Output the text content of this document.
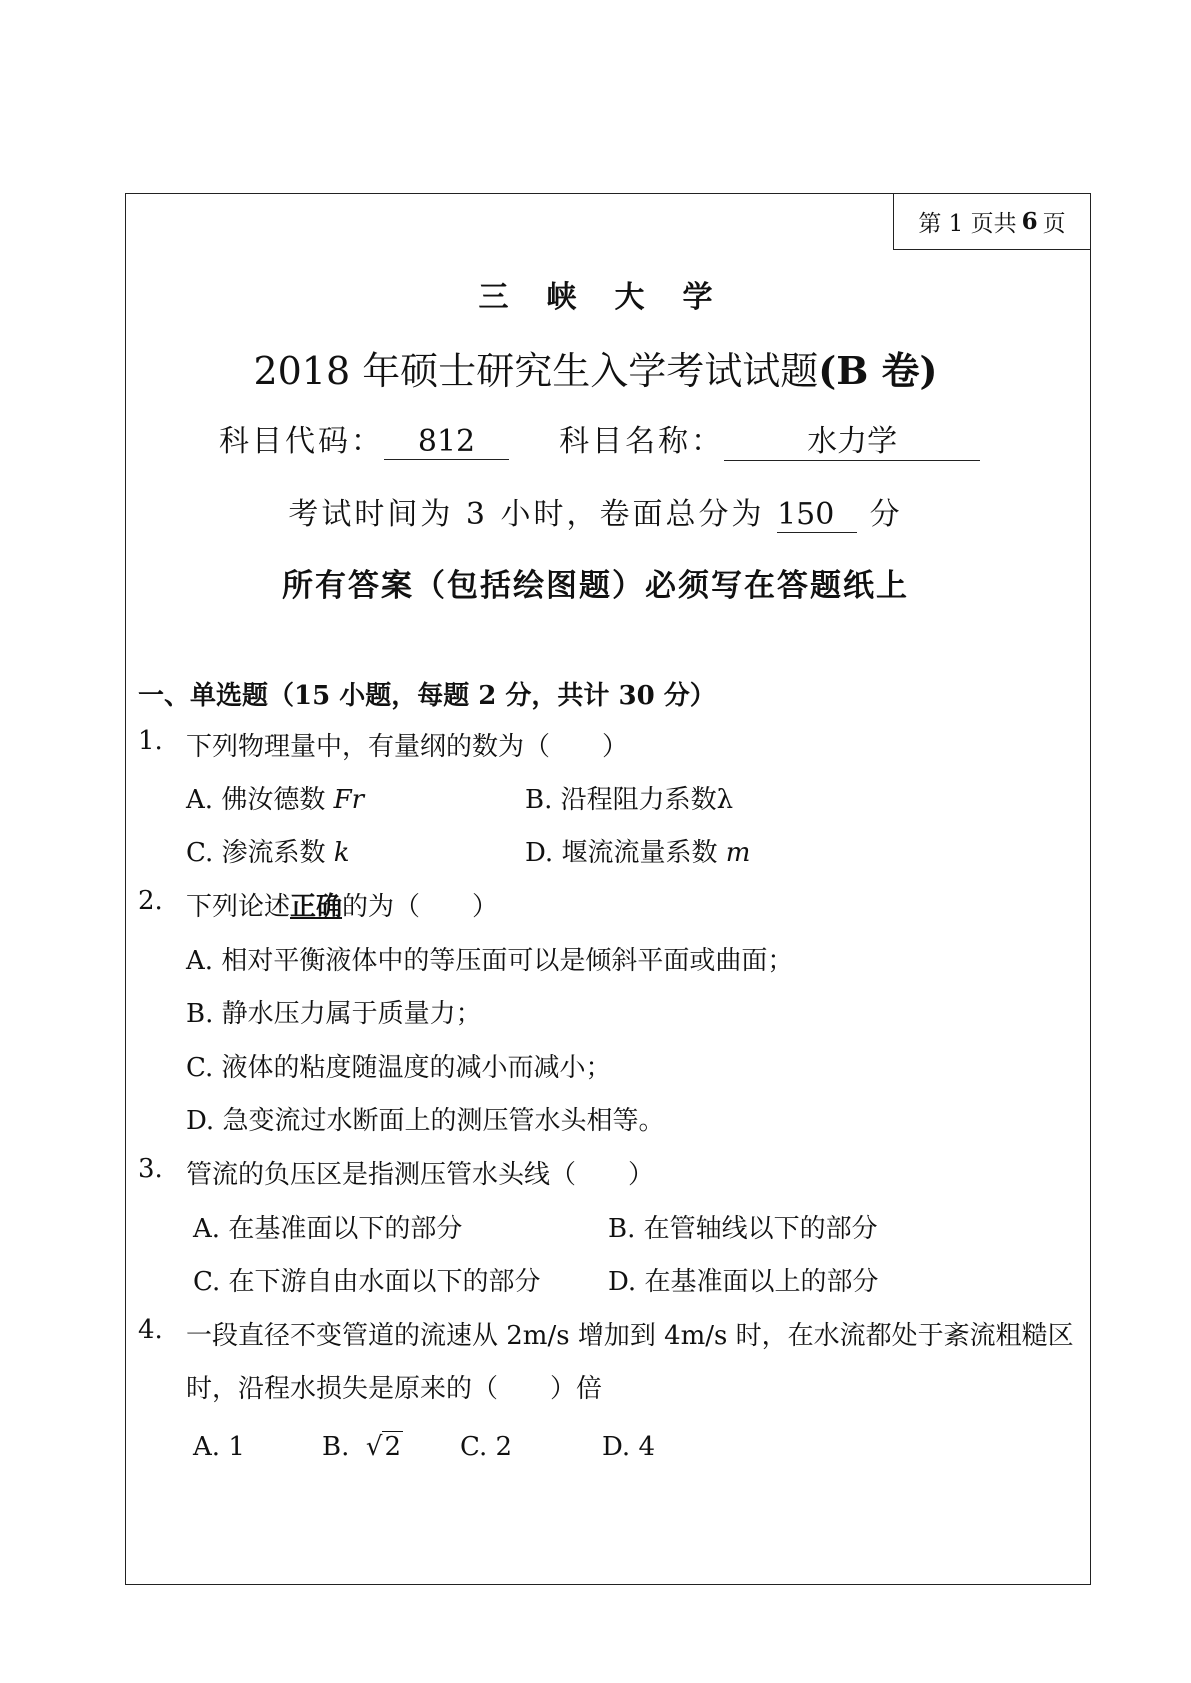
第 1 页共 6 页
三峡大学
2018 年硕士研究生入学考试试题(B 卷)
科目代码： 812	科目名称：	水力学
考试时间为 3 小时，卷面总分为 150 分
所有答案（包括绘图题）必须写在答题纸上
一、单选题（15 小题，每题 2 分，共计 30 分）
1. 下列物理量中，有量纲的数为（　　）
A. 佛汝德数 Fr	B. 沿程阻力系数λ
C. 渗流系数 k	D. 堰流流量系数 m
2. 下列论述正确的为（　　）
A. 相对平衡液体中的等压面可以是倾斜平面或曲面；
B. 静水压力属于质量力；
C. 液体的粘度随温度的减小而减小；
D. 急变流过水断面上的测压管水头相等。
3. 管流的负压区是指测压管水头线（　　）
A. 在基准面以下的部分	B. 在管轴线以下的部分
C. 在下游自由水面以下的部分	D. 在基准面以上的部分
4. 一段直径不变管道的流速从 2m/s 增加到 4m/s 时，在水流都处于紊流粗糙区
时，沿程水损失是原来的（　　）倍
A. 1	B. √2 C. 2	D. 4
